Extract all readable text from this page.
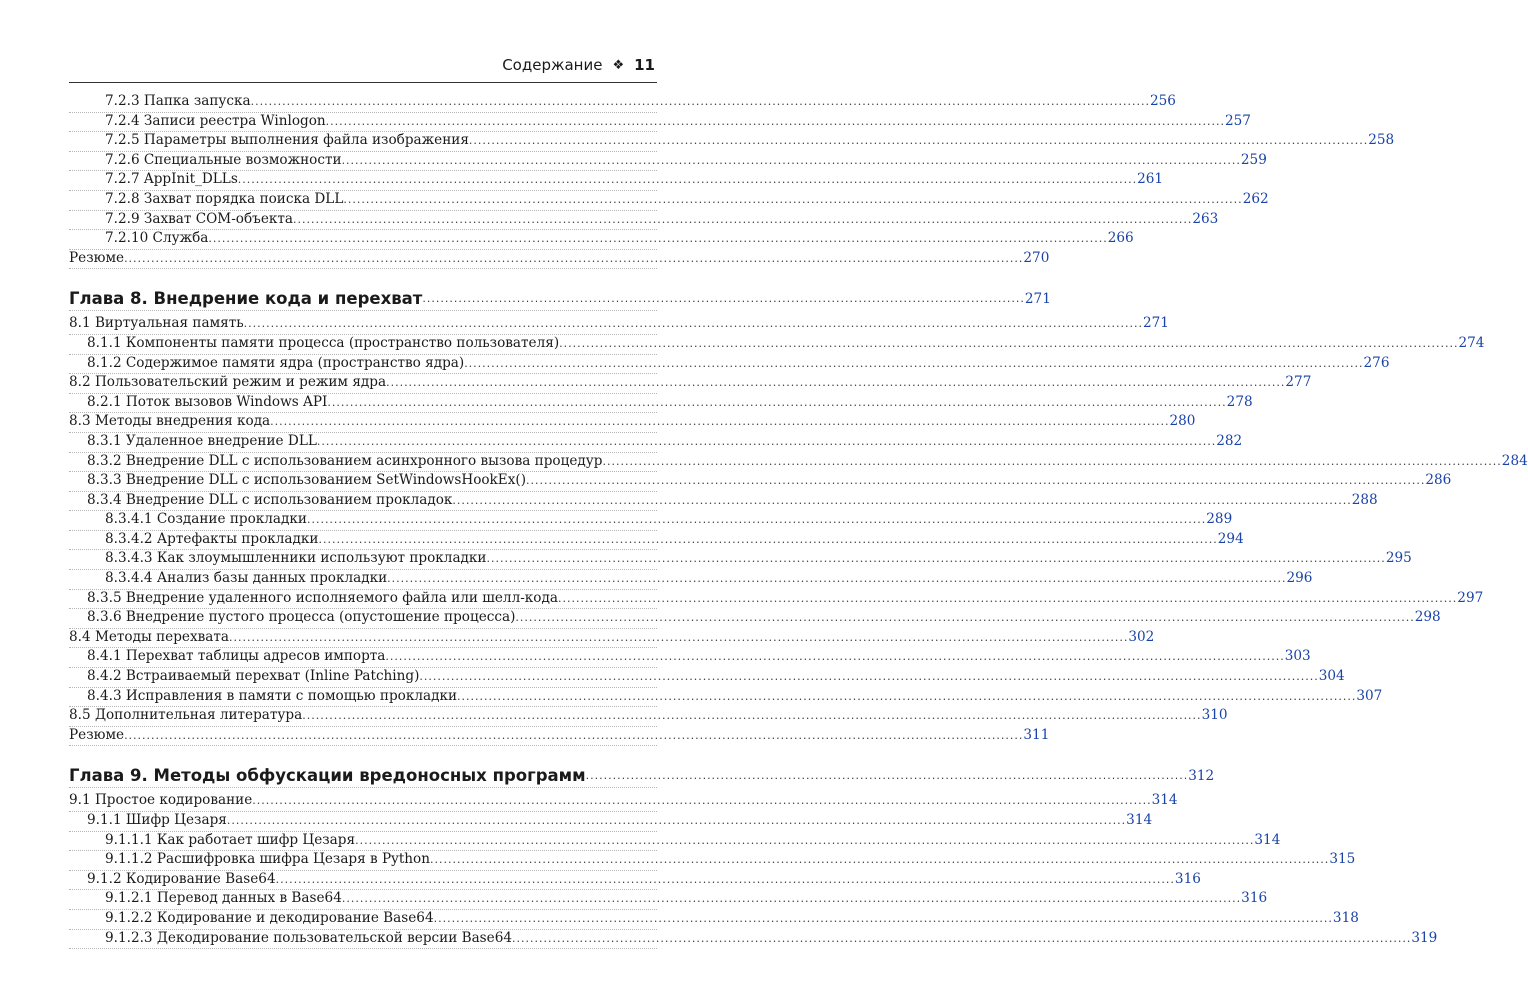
Содержание ❖ 11
7.2.3 Папка запуска ........................................................................................................................................................................................................ 256
7.2.4 Записи реестра Winlogon ........................................................................................................................................................................................................ 257
7.2.5 Параметры выполнения файла изображения ........................................................................................................................................................................................................ 258
7.2.6 Специальные возможности ........................................................................................................................................................................................................ 259
7.2.7 AppInit_DLLs ........................................................................................................................................................................................................ 261
7.2.8 Захват порядка поиска DLL ........................................................................................................................................................................................................ 262
7.2.9 Захват COM-объекта ........................................................................................................................................................................................................ 263
7.2.10 Служба ........................................................................................................................................................................................................ 266
Резюме ........................................................................................................................................................................................................ 270
Глава 8. Внедрение кода и перехват ...................................................................................................................................... 271
8.1 Виртуальная память ........................................................................................................................................................................................................ 271
8.1.1 Компоненты памяти процесса (пространство пользователя) ........................................................................................................................................................................................................ 274
8.1.2 Содержимое памяти ядра (пространство ядра) ........................................................................................................................................................................................................ 276
8.2 Пользовательский режим и режим ядра ........................................................................................................................................................................................................ 277
8.2.1 Поток вызовов Windows API ........................................................................................................................................................................................................ 278
8.3 Методы внедрения кода ........................................................................................................................................................................................................ 280
8.3.1 Удаленное внедрение DLL ........................................................................................................................................................................................................ 282
8.3.2 Внедрение DLL с использованием асинхронного вызова процедур ........................................................................................................................................................................................................ 284
8.3.3 Внедрение DLL с использованием SetWindowsHookEx() ........................................................................................................................................................................................................ 286
8.3.4 Внедрение DLL с использованием прокладок ........................................................................................................................................................................................................ 288
8.3.4.1 Создание прокладки ........................................................................................................................................................................................................ 289
8.3.4.2 Артефакты прокладки ........................................................................................................................................................................................................ 294
8.3.4.3 Как злоумышленники используют прокладки ........................................................................................................................................................................................................ 295
8.3.4.4 Анализ базы данных прокладки ........................................................................................................................................................................................................ 296
8.3.5 Внедрение удаленного исполняемого файла или шелл-кода ........................................................................................................................................................................................................ 297
8.3.6 Внедрение пустого процесса (опустошение процесса) ........................................................................................................................................................................................................ 298
8.4 Методы перехвата ........................................................................................................................................................................................................ 302
8.4.1 Перехват таблицы адресов импорта ........................................................................................................................................................................................................ 303
8.4.2 Встраиваемый перехват (Inline Patching) ........................................................................................................................................................................................................ 304
8.4.3 Исправления в памяти с помощью прокладки ........................................................................................................................................................................................................ 307
8.5 Дополнительная литература ........................................................................................................................................................................................................ 310
Резюме ........................................................................................................................................................................................................ 311
Глава 9. Методы обфускации вредоносных программ ...................................................................................................................................... 312
9.1 Простое кодирование ........................................................................................................................................................................................................ 314
9.1.1 Шифр Цезаря ........................................................................................................................................................................................................ 314
9.1.1.1 Как работает шифр Цезаря ........................................................................................................................................................................................................ 314
9.1.1.2 Расшифровка шифра Цезаря в Python ........................................................................................................................................................................................................ 315
9.1.2 Кодирование Base64 ........................................................................................................................................................................................................ 316
9.1.2.1 Перевод данных в Base64 ........................................................................................................................................................................................................ 316
9.1.2.2 Кодирование и декодирование Base64 ........................................................................................................................................................................................................ 318
9.1.2.3 Декодирование пользовательской версии Base64 ........................................................................................................................................................................................................ 319
